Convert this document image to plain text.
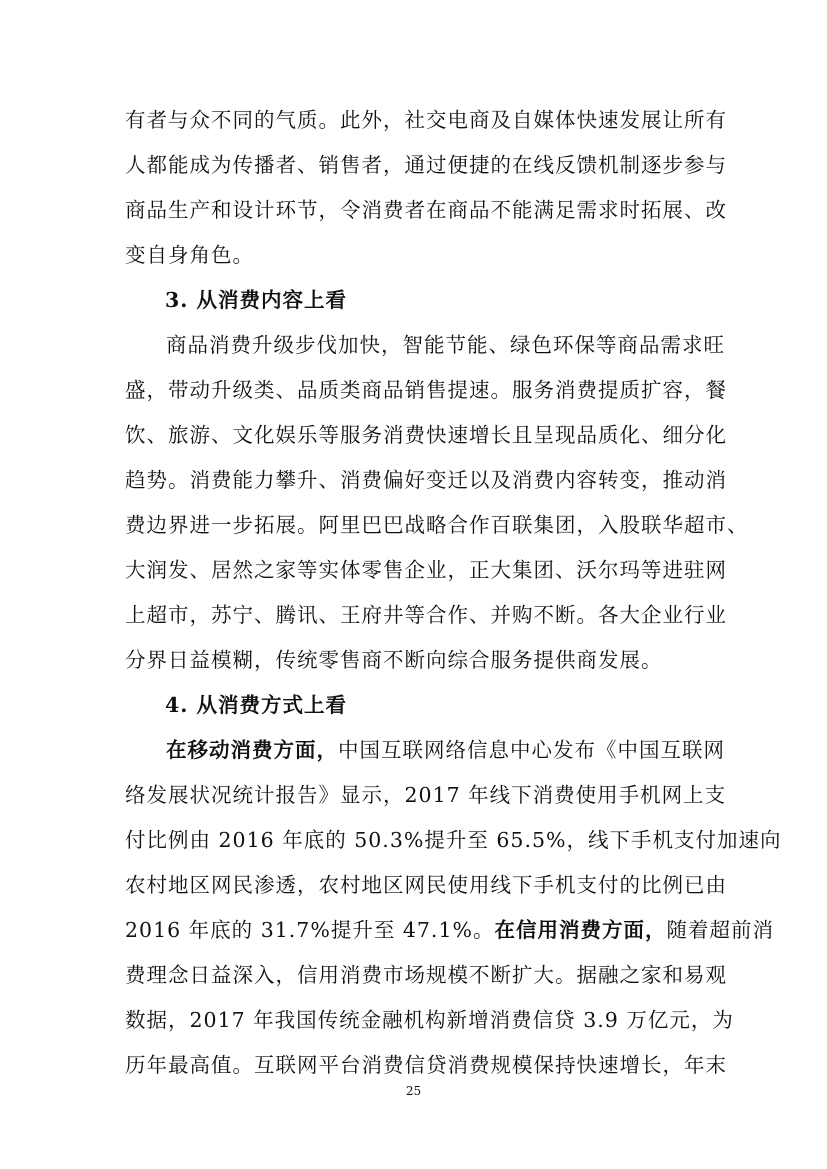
有者与众不同的气质。此外，社交电商及自媒体快速发展让所有
人都能成为传播者、销售者，通过便捷的在线反馈机制逐步参与
商品生产和设计环节，令消费者在商品不能满足需求时拓展、改
变自身角色。
3. 从消费内容上看
商品消费升级步伐加快，智能节能、绿色环保等商品需求旺
盛，带动升级类、品质类商品销售提速。服务消费提质扩容，餐
饮、旅游、文化娱乐等服务消费快速增长且呈现品质化、细分化
趋势。消费能力攀升、消费偏好变迁以及消费内容转变，推动消
费边界进一步拓展。阿里巴巴战略合作百联集团，入股联华超市、
大润发、居然之家等实体零售企业，正大集团、沃尔玛等进驻网
上超市，苏宁、腾讯、王府井等合作、并购不断。各大企业行业
分界日益模糊，传统零售商不断向综合服务提供商发展。
4. 从消费方式上看
在移动消费方面，中国互联网络信息中心发布《中国互联网
络发展状况统计报告》显示，2017 年线下消费使用手机网上支
付比例由 2016 年底的 50.3%提升至 65.5%，线下手机支付加速向
农村地区网民渗透，农村地区网民使用线下手机支付的比例已由
2016 年底的 31.7%提升至 47.1%。在信用消费方面，随着超前消
费理念日益深入，信用消费市场规模不断扩大。据融之家和易观
数据，2017 年我国传统金融机构新增消费信贷 3.9 万亿元，为
历年最高值。互联网平台消费信贷消费规模保持快速增长，年末
25
